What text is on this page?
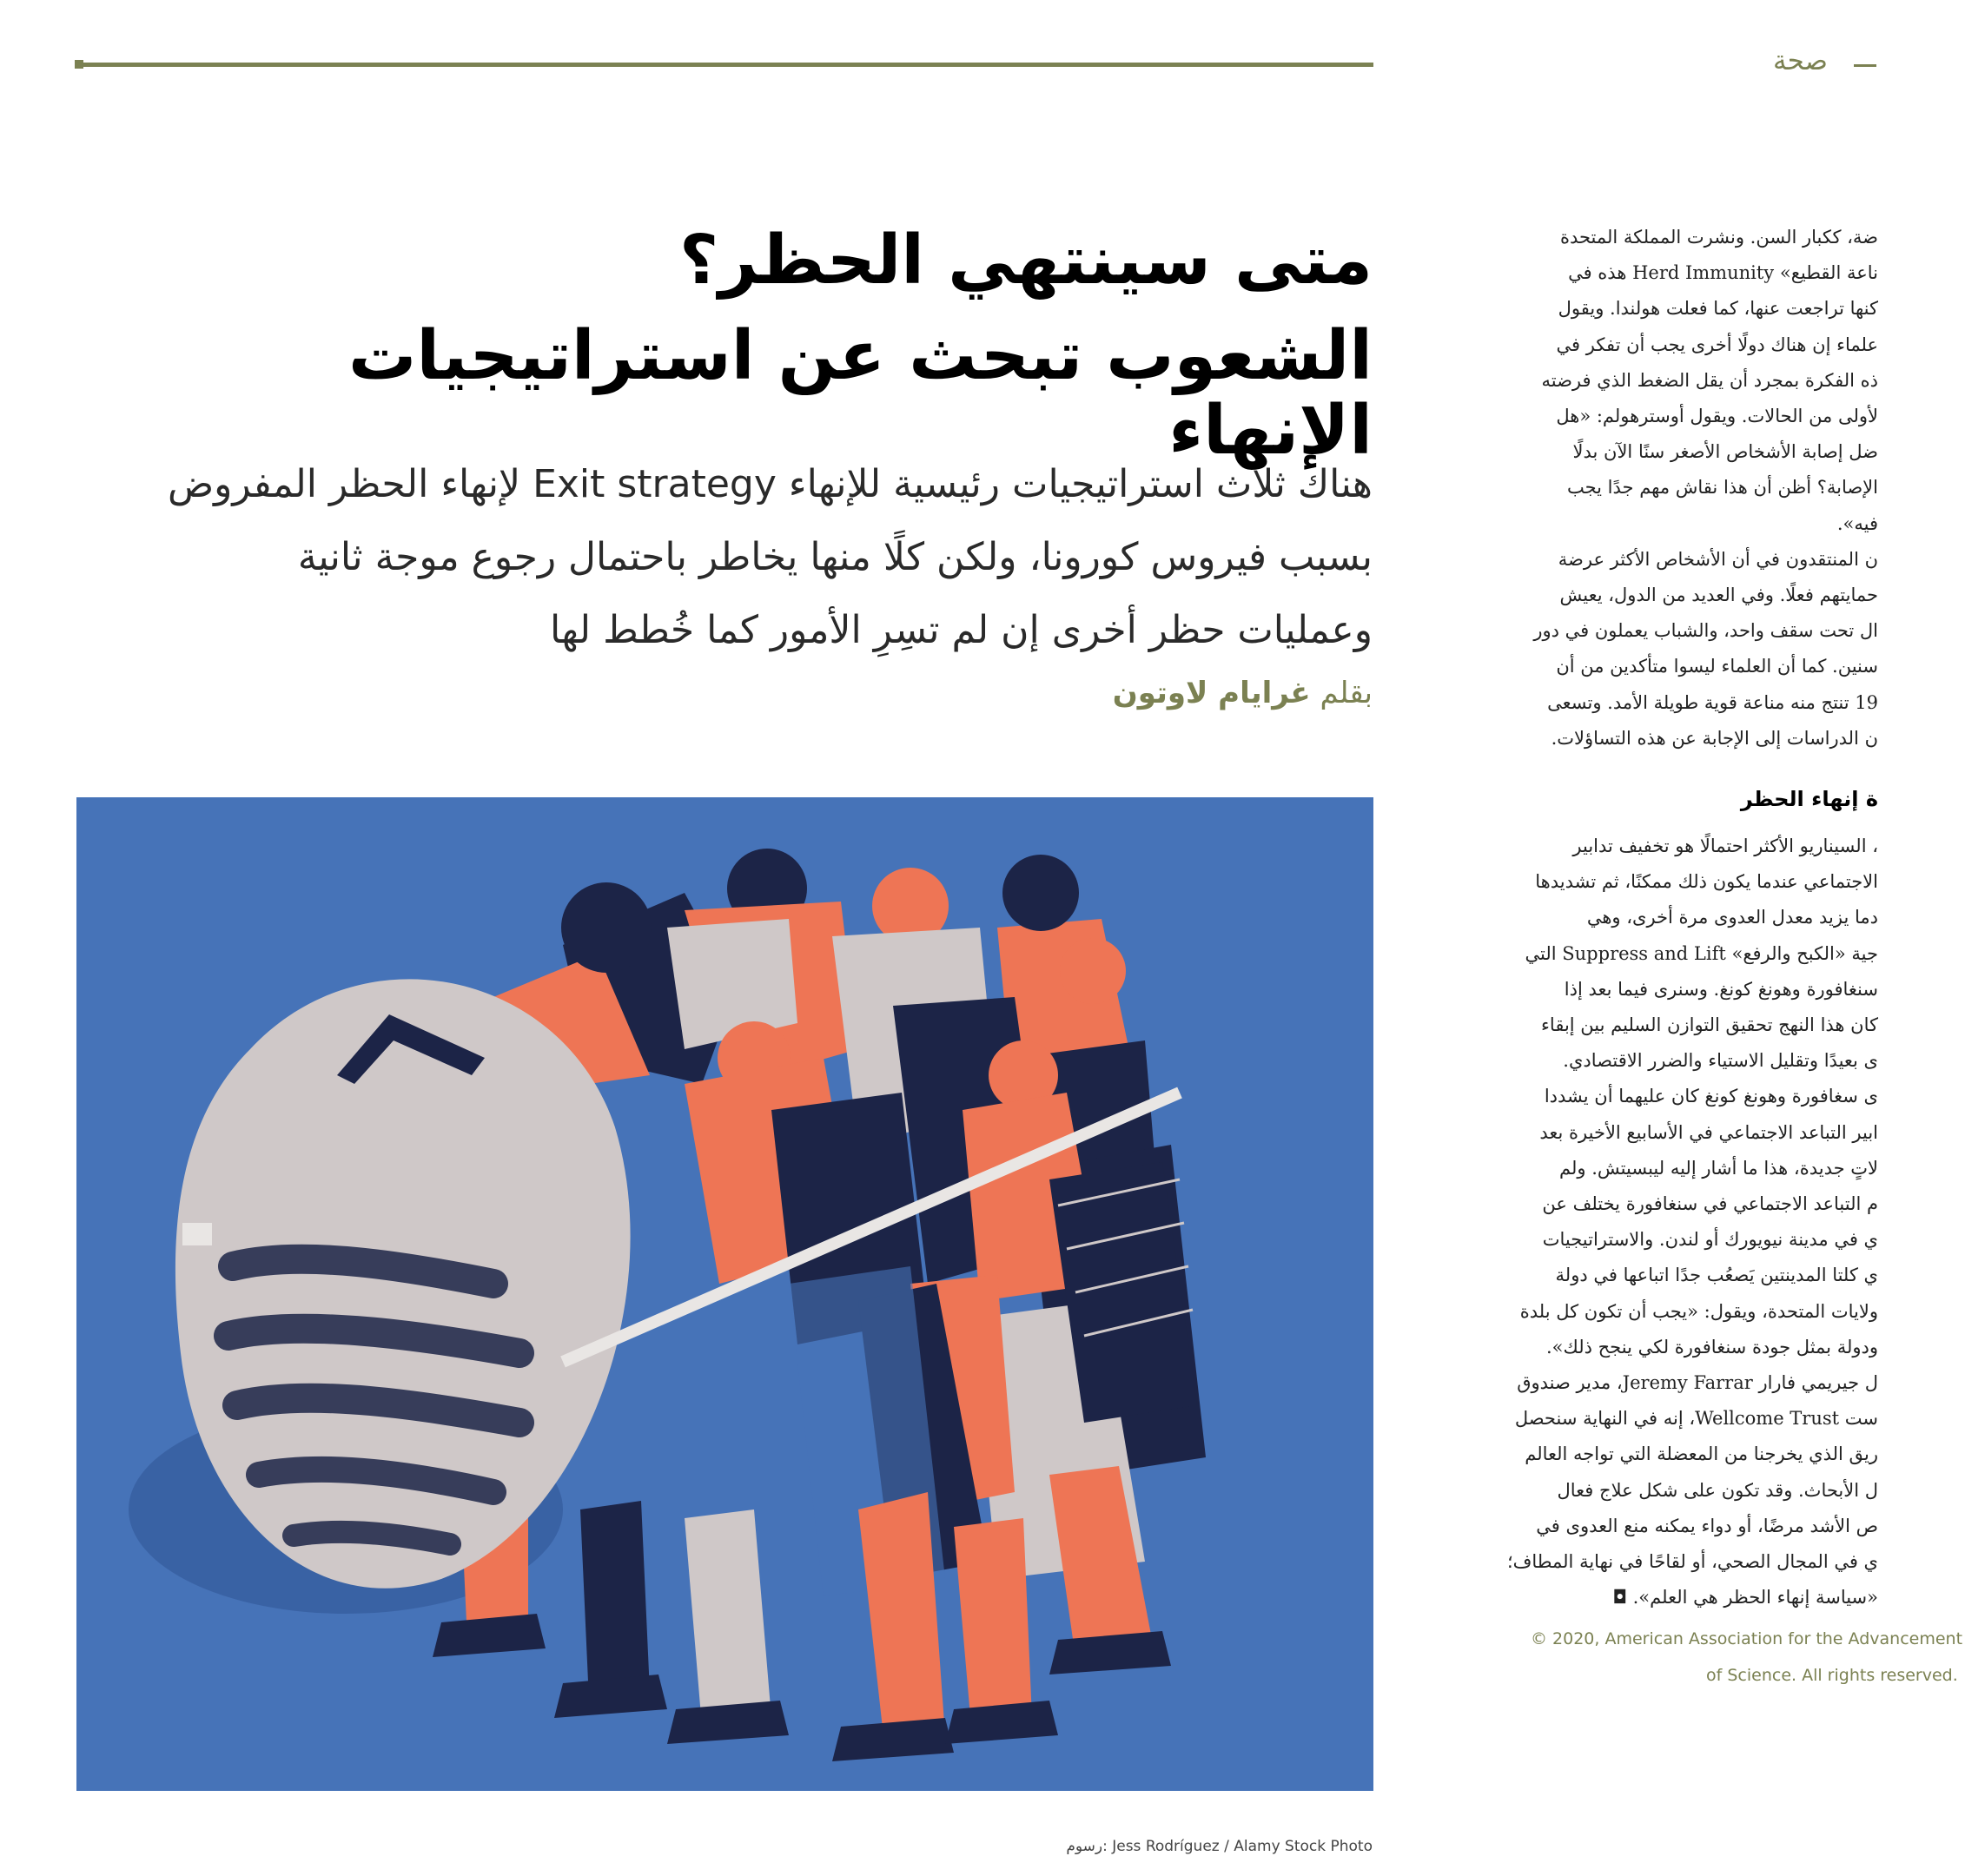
صحة
متى سينتهي الحظر؟
الشعوب تبحث عن استراتيجيات الإنهاء
هناك ثلاث استراتيجيات رئيسية للإنهاء Exit strategy لإنهاء الحظر المفروض بسبب فيروس كورونا، ولكن كلًا منها يخاطر باحتمال رجوع موجة ثانية وعمليات حظر أخرى إن لم تسِرِ الأمور كما خُطط لها
بقلم غرايام لاوتون
رسوم: Jess Rodríguez / Alamy Stock Photo

ضة، ككبار السن. ونشرت المملكة المتحدة

ناعة القطيع» Herd Immunity هذه في

كنها تراجعت عنها، كما فعلت هولندا. ويقول

علماء إن هناك دولًا أخرى يجب أن تفكر في

ذه الفكرة بمجرد أن يقل الضغط الذي فرضته

لأولى من الحالات. ويقول أوسترهولم: «هل

ضل إصابة الأشخاص الأصغر سنًا الآن بدلًا

الإصابة؟ أظن أن هذا نقاش مهم جدًا يجب

فيه».

ن المنتقدون في أن الأشخاص الأكثر عرضة

حمايتهم فعلًا. وفي العديد من الدول، يعيش

ال تحت سقف واحد، والشباب يعملون في دور

سنين. كما أن العلماء ليسوا متأكدين من أن

19 تنتج منه مناعة قوية طويلة الأمد. وتسعى

ن الدراسات إلى الإجابة عن هذه التساؤلات.

ة إنهاء الحظر

، السيناريو الأكثر احتمالًا هو تخفيف تدابير

الاجتماعي عندما يكون ذلك ممكنًا، ثم تشديدها

دما يزيد معدل العدوى مرة أخرى، وهي

جية «الكبح والرفع» Suppress and Lift التي

سنغافورة وهونغ كونغ. وسنرى فيما بعد إذا

كان هذا النهج تحقيق التوازن السليم بين إبقاء

ى بعيدًا وتقليل الاستياء والضرر الاقتصادي.

ى سغافورة وهونغ كونغ كان عليهما أن يشددا

ابير التباعد الاجتماعي في الأسابيع الأخيرة بعد

لاتٍ جديدة، هذا ما أشار إليه ليبسيتش. ولم

م التباعد الاجتماعي في سنغافورة يختلف عن

ي في مدينة نيويورك أو لندن. والاستراتيجيات

ي كلتا المدينتين يَصعُب جدًا اتباعها في دولة

ولايات المتحدة، ويقول: «يجب أن تكون كل بلدة

ودولة بمثل جودة سنغافورة لكي ينجح ذلك».

ل جيريمي فارار Jeremy Farrar، مدير صندوق

ست Wellcome Trust، إنه في النهاية سنحصل

ريق الذي يخرجنا من المعضلة التي تواجه العالم

ل الأبحاث. وقد تكون على شكل علاج فعال

ص الأشد مرضًا، أو دواء يمكنه منع العدوى في

ي في المجال الصحي، أو لقاحًا في نهاية المطاف؛

«سياسة إنهاء الحظر هي العلم». ◘

© 2020, American Association for the Advancement
of Science. All rights reserved.
